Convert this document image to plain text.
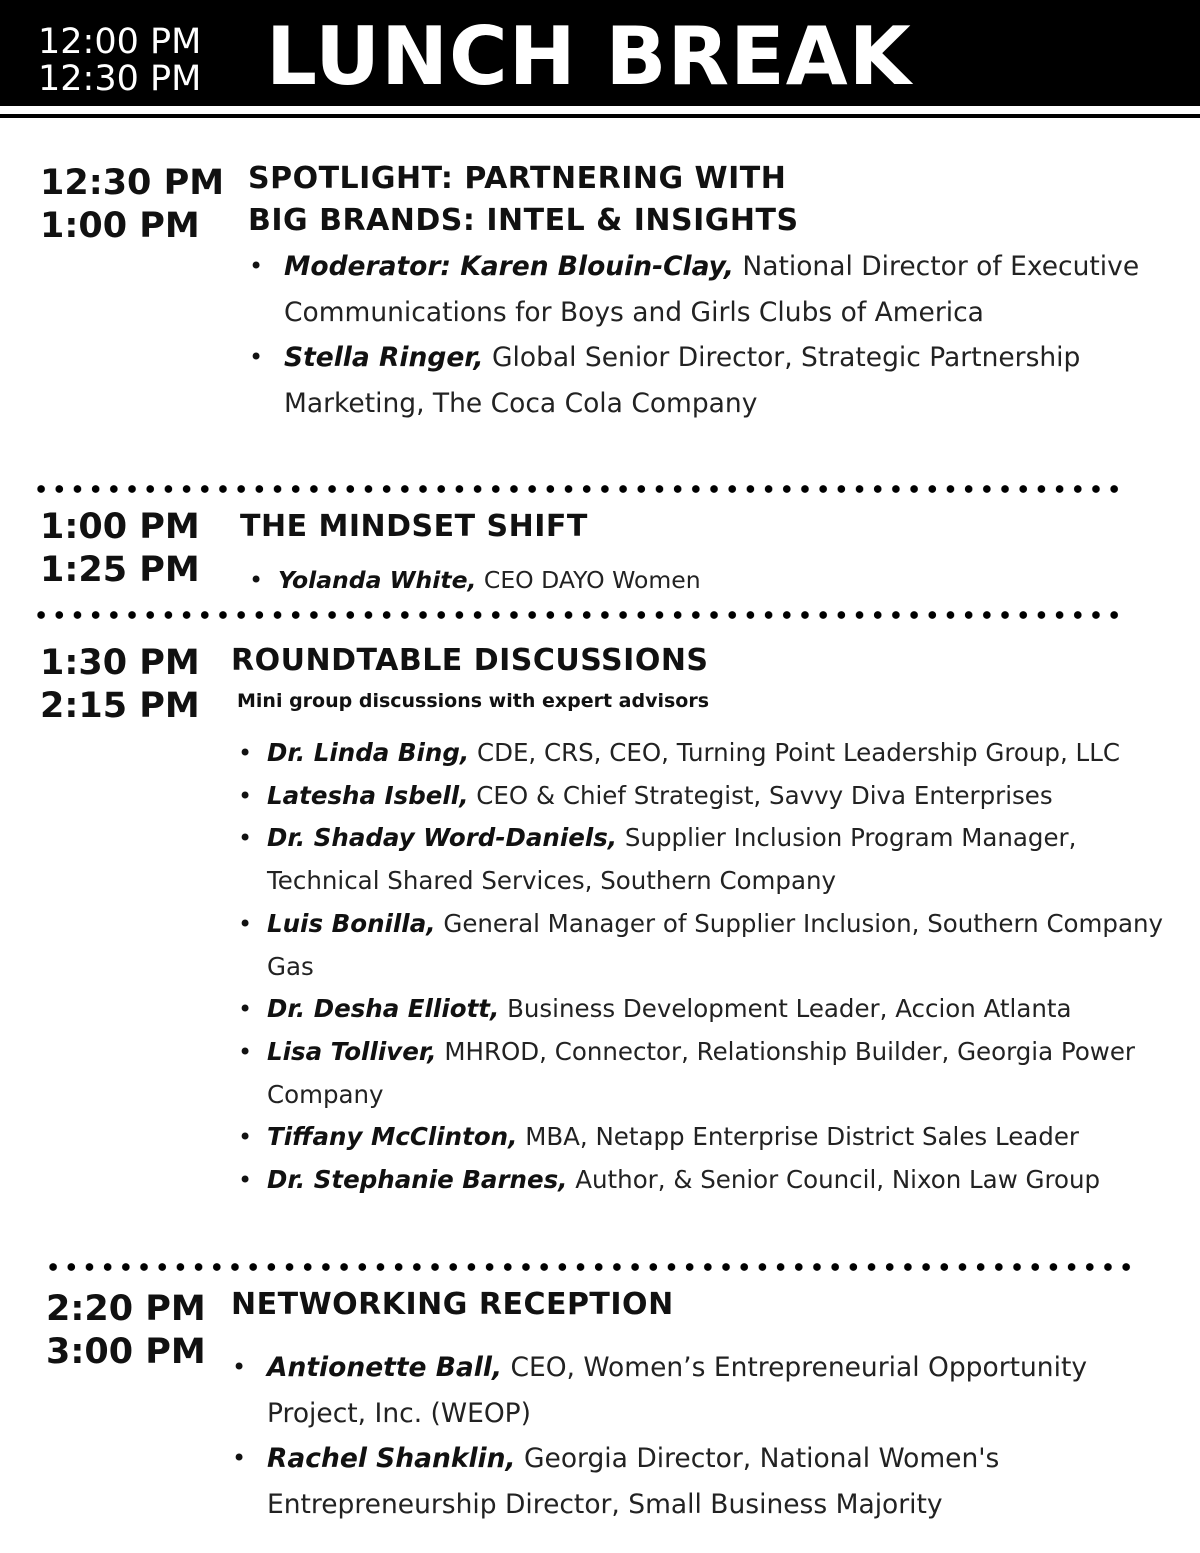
12:00 PM
12:30 PM LUNCH BREAK
12:30 PM
1:00 PM
SPOTLIGHT: PARTNERING WITH
BIG BRANDS: INTEL & INSIGHTS
• Moderator: Karen Blouin-Clay, National Director of Executive Communications for Boys and Girls Clubs of America
• Stella Ringer, Global Senior Director, Strategic Partnership Marketing, The Coca Cola Company
1:00 PM
1:25 PM
THE MINDSET SHIFT
• Yolanda White, CEO DAYO Women
1:30 PM
2:15 PM
ROUNDTABLE DISCUSSIONS
Mini group discussions with expert advisors
• Dr. Linda Bing, CDE, CRS, CEO, Turning Point Leadership Group, LLC
• Latesha Isbell, CEO & Chief Strategist, Savvy Diva Enterprises
• Dr. Shaday Word-Daniels, Supplier Inclusion Program Manager, Technical Shared Services, Southern Company
• Luis Bonilla, General Manager of Supplier Inclusion, Southern Company Gas
• Dr. Desha Elliott, Business Development Leader, Accion Atlanta
• Lisa Tolliver, MHROD, Connector, Relationship Builder, Georgia Power Company
• Tiffany McClinton, MBA, Netapp Enterprise District Sales Leader
• Dr. Stephanie Barnes, Author, & Senior Council, Nixon Law Group
2:20 PM
3:00 PM
NETWORKING RECEPTION
• Antionette Ball, CEO, Women’s Entrepreneurial Opportunity Project, Inc. (WEOP)
• Rachel Shanklin, Georgia Director, National Women's Entrepreneurship Director, Small Business Majority
